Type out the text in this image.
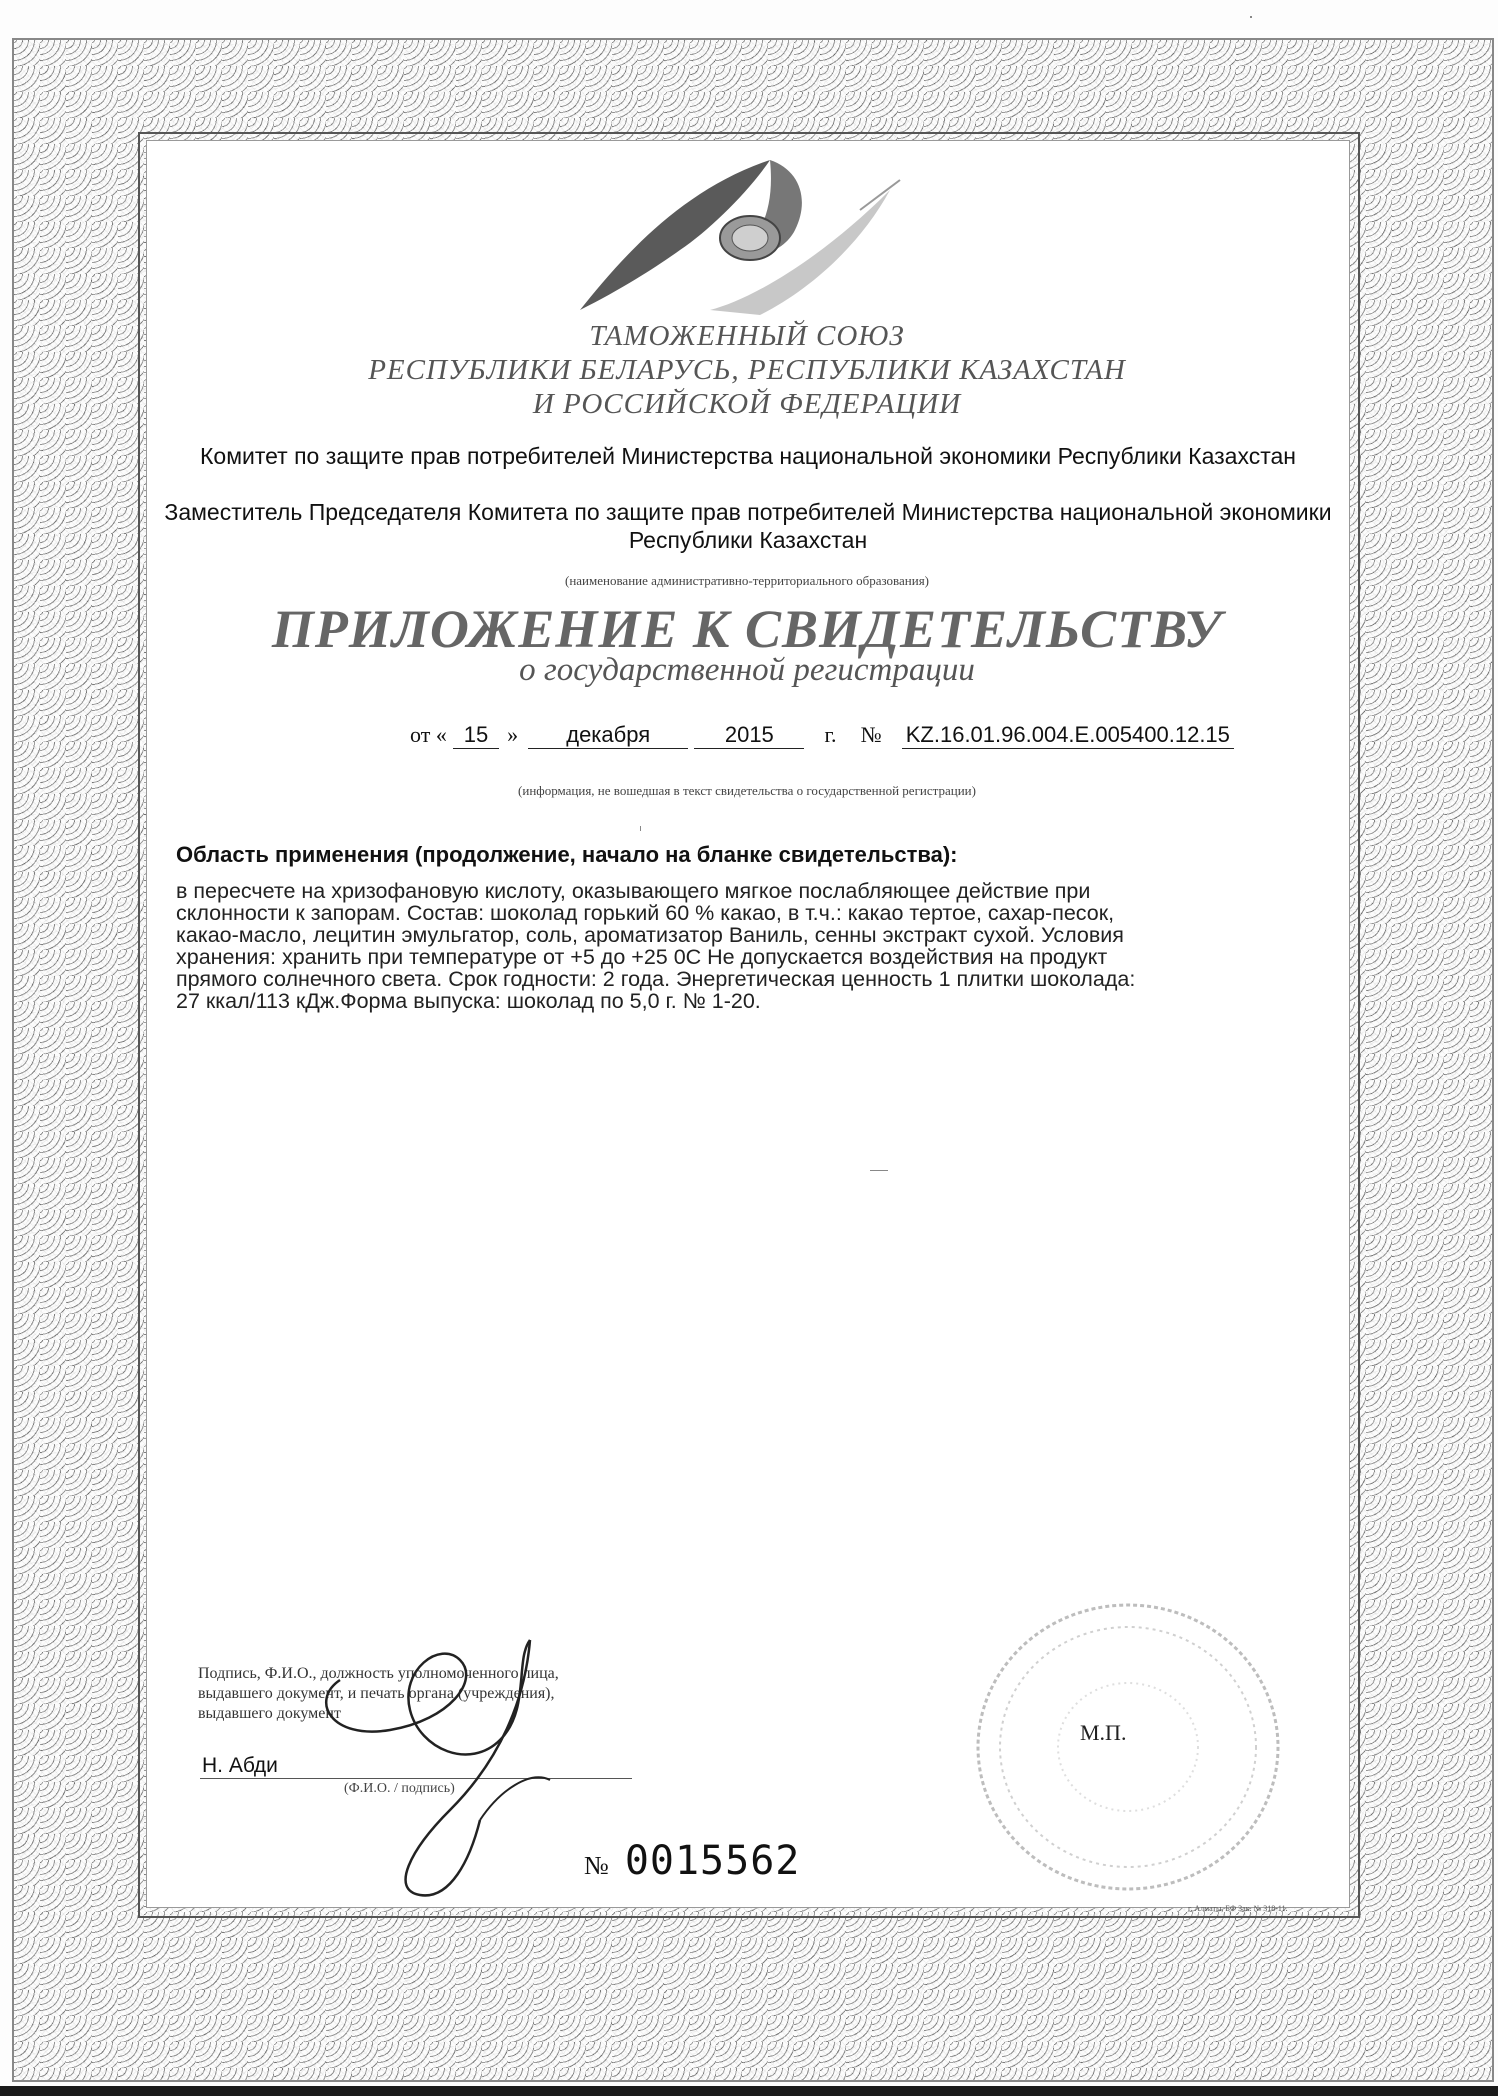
ТАМОЖЕННЫЙ СОЮЗ
РЕСПУБЛИКИ БЕЛАРУСЬ, РЕСПУБЛИКИ КАЗАХСТАН
И РОССИЙСКОЙ ФЕДЕРАЦИИ
Комитет по защите прав потребителей Министерства национальной экономики Республики Казахстан
Заместитель Председателя Комитета по защите прав потребителей Министерства национальной экономики Республики Казахстан
(наименование административно-территориального образования)
ПРИЛОЖЕНИЕ К СВИДЕТЕЛЬСТВУ
о государственной регистрации
от « 15 » декабря	2015 г. № KZ.16.01.96.004.E.005400.12.15
(информация, не вошедшая в текст свидетельства о государственной регистрации)
Область применения (продолжение, начало на бланке свидетельства):

в пересчете на хризофановую кислоту, оказывающего мягкое послабляющее действие при

склонности к запорам. Состав: шоколад горький 60 % какао, в т.ч.: какао тертое, сахар-песок,

какао-масло, лецитин эмульгатор, соль, ароматизатор Ваниль, сенны экстракт сухой. Условия

хранения: хранить при температуре от +5 до +25 0С Не допускается воздействия на продукт

прямого солнечного света. Срок годности: 2 года. Энергетическая ценность 1 плитки шоколада:

27 ккал/113 кДж.Форма выпуска: шоколад по 5,0 г. № 1-20.

Подпись, Ф.И.О., должность уполномоченного лица,

выдавшего документ, и печать органа (учреждения),

выдавшего документ

Н. Абди
(Ф.И.О. / подпись)
№ 0015562
М.П.
г. Алматы, БФ Зак. № 318-11.
